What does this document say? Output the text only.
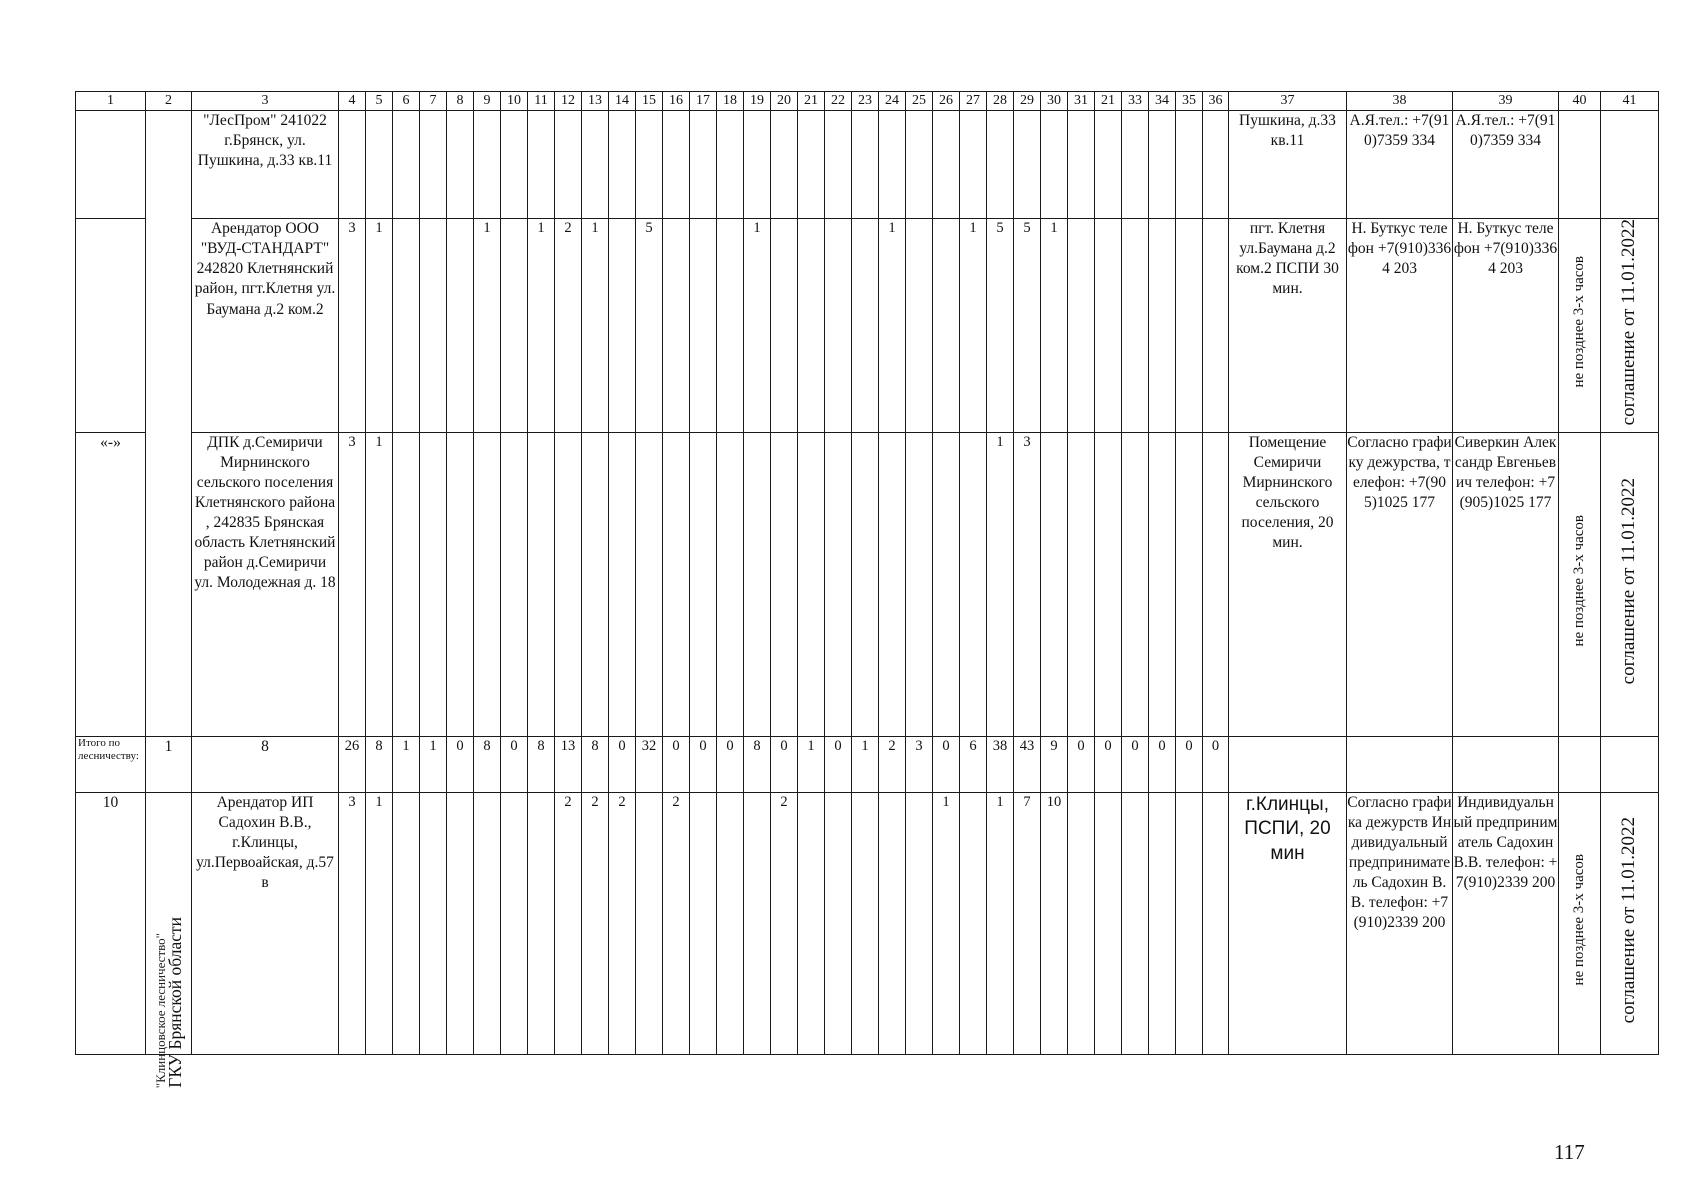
1	2	3	4	5	6	7	8	9	10	11	12	13	14	15	16	17	18	19	20	21	22	23	24	25	26	27	28	29	30	31	21	33	34	35	36	37	38	39	40	41
		"ЛесПром" 241022 г.Брянск, ул. Пушкина, д.33 кв.11																																		Пушкина, д.33 кв.11	А.Я.тел.: +7(910)7359 334	А.Я.тел.: +7(910)7359 334		
		Арендатор ООО "ВУД-СТАНДАРТ" 242820 Клетнянский район, пгт.Клетня ул. Баумана д.2 ком.2	3	1				1		1	2	1		5				1					1			1	5	5	1							пгт. Клетня ул.Баумана д.2 ком.2 ПСПИ 30 мин.	Н. Буткус телефон +7(910)3364 203	Н. Буткус телефон +7(910)3364 203	не позднее 3-х часов	соглашение от 11.01.2022
«-»		ДПК д.Семиричи Мирнинского сельского поселения Клетнянского района , 242835 Брянская область Клетнянский район д.Семиричи ул. Молодежная д. 18	3	1																							1	3								Помещение Семиричи Мирнинского сельского поселения, 20 мин.	Согласно графику дежурства, телефон: +7(905)1025 177	Сиверкин Александр Евгеньевич телефон: +7(905)1025 177	не позднее 3-х часов	соглашение от 11.01.2022
Итого по лесничеству:	1	8	26	8	1	1	0	8	0	8	13	8	0	32	0	0	0	8	0	1	0	1	2	3	0	6	38	43	9	0	0	0	0	0	0					
10		Арендатор ИП Садохин В.В., г.Клинцы, ул.Первоайская, д.57 в	3	1							2	2	2		2				2						1		1	7	10							г.Клинцы, ПСПИ, 20 мин	Согласно графика дежурств Индивидуальный предприниматель Садохин В.В. телефон: +7(910)2339 200	Индивидуальный предприниматель Садохин В.В. телефон: +7(910)2339 200	не позднее 3-х часов	соглашение от 11.01.2022
ГКУ Брянской области
"Клинцовское лесничество"
117
